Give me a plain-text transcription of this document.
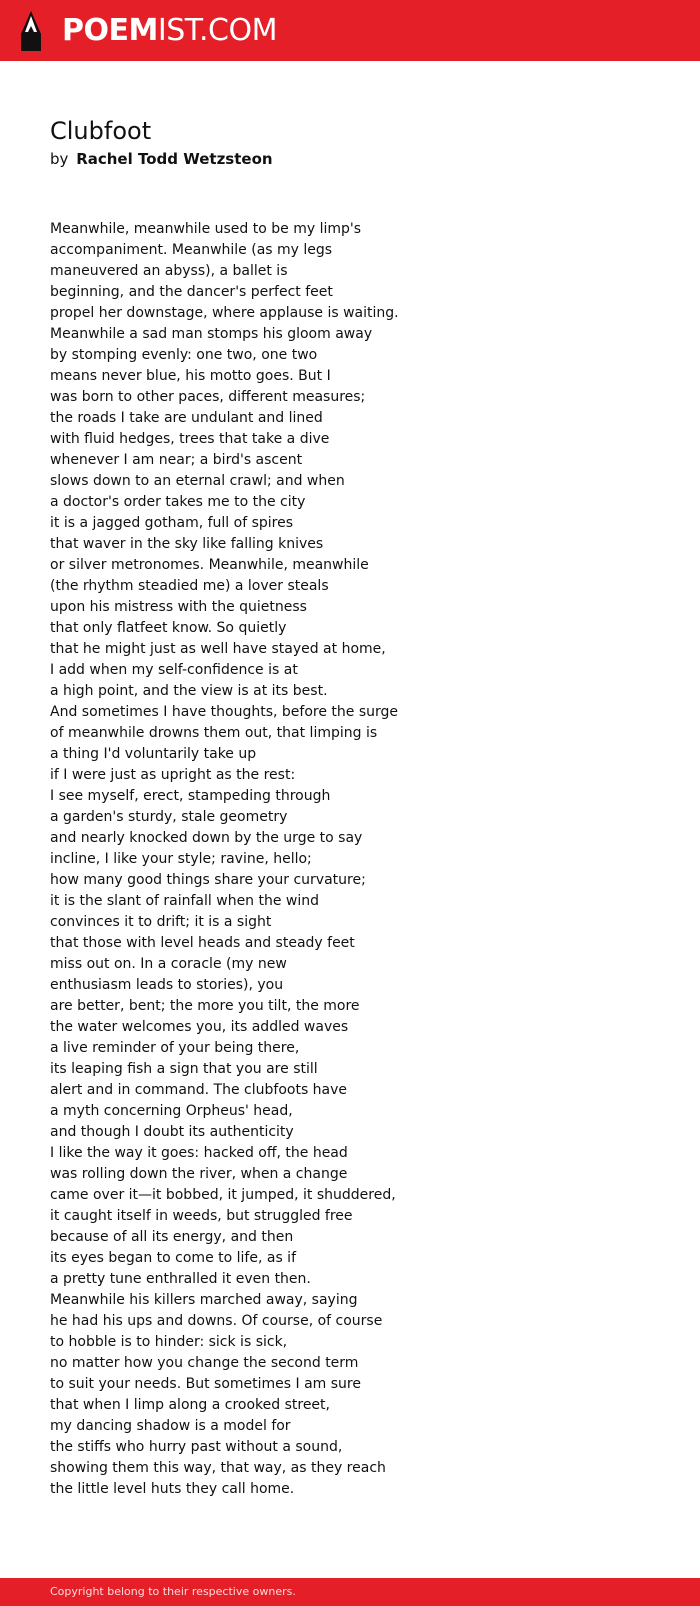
POEMIST.COM
Clubfoot
by Rachel Todd Wetzsteon
Meanwhile, meanwhile used to be my limp's
accompaniment. Meanwhile (as my legs
maneuvered an abyss), a ballet is
beginning, and the dancer's perfect feet
propel her downstage, where applause is waiting.
Meanwhile a sad man stomps his gloom away
by stomping evenly: one two, one two
means never blue, his motto goes. But I
was born to other paces, different measures;
the roads I take are undulant and lined
with fluid hedges, trees that take a dive
whenever I am near; a bird's ascent
slows down to an eternal crawl; and when
a doctor's order takes me to the city
it is a jagged gotham, full of spires
that waver in the sky like falling knives
or silver metronomes. Meanwhile, meanwhile
(the rhythm steadied me) a lover steals
upon his mistress with the quietness
that only flatfeet know. So quietly
that he might just as well have stayed at home,
I add when my self-confidence is at
a high point, and the view is at its best.
And sometimes I have thoughts, before the surge
of meanwhile drowns them out, that limping is
a thing I'd voluntarily take up
if I were just as upright as the rest:
I see myself, erect, stampeding through
a garden's sturdy, stale geometry
and nearly knocked down by the urge to say
incline, I like your style; ravine, hello;
how many good things share your curvature;
it is the slant of rainfall when the wind
convinces it to drift; it is a sight
that those with level heads and steady feet
miss out on. In a coracle (my new
enthusiasm leads to stories), you
are better, bent; the more you tilt, the more
the water welcomes you, its addled waves
a live reminder of your being there,
its leaping fish a sign that you are still
alert and in command. The clubfoots have
a myth concerning Orpheus' head,
and though I doubt its authenticity
I like the way it goes: hacked off, the head
was rolling down the river, when a change
came over it—it bobbed, it jumped, it shuddered,
it caught itself in weeds, but struggled free
because of all its energy, and then
its eyes began to come to life, as if
a pretty tune enthralled it even then.
Meanwhile his killers marched away, saying
he had his ups and downs. Of course, of course
to hobble is to hinder: sick is sick,
no matter how you change the second term
to suit your needs. But sometimes I am sure
that when I limp along a crooked street,
my dancing shadow is a model for
the stiffs who hurry past without a sound,
showing them this way, that way, as they reach
the little level huts they call home.
Copyright belong to their respective owners.
